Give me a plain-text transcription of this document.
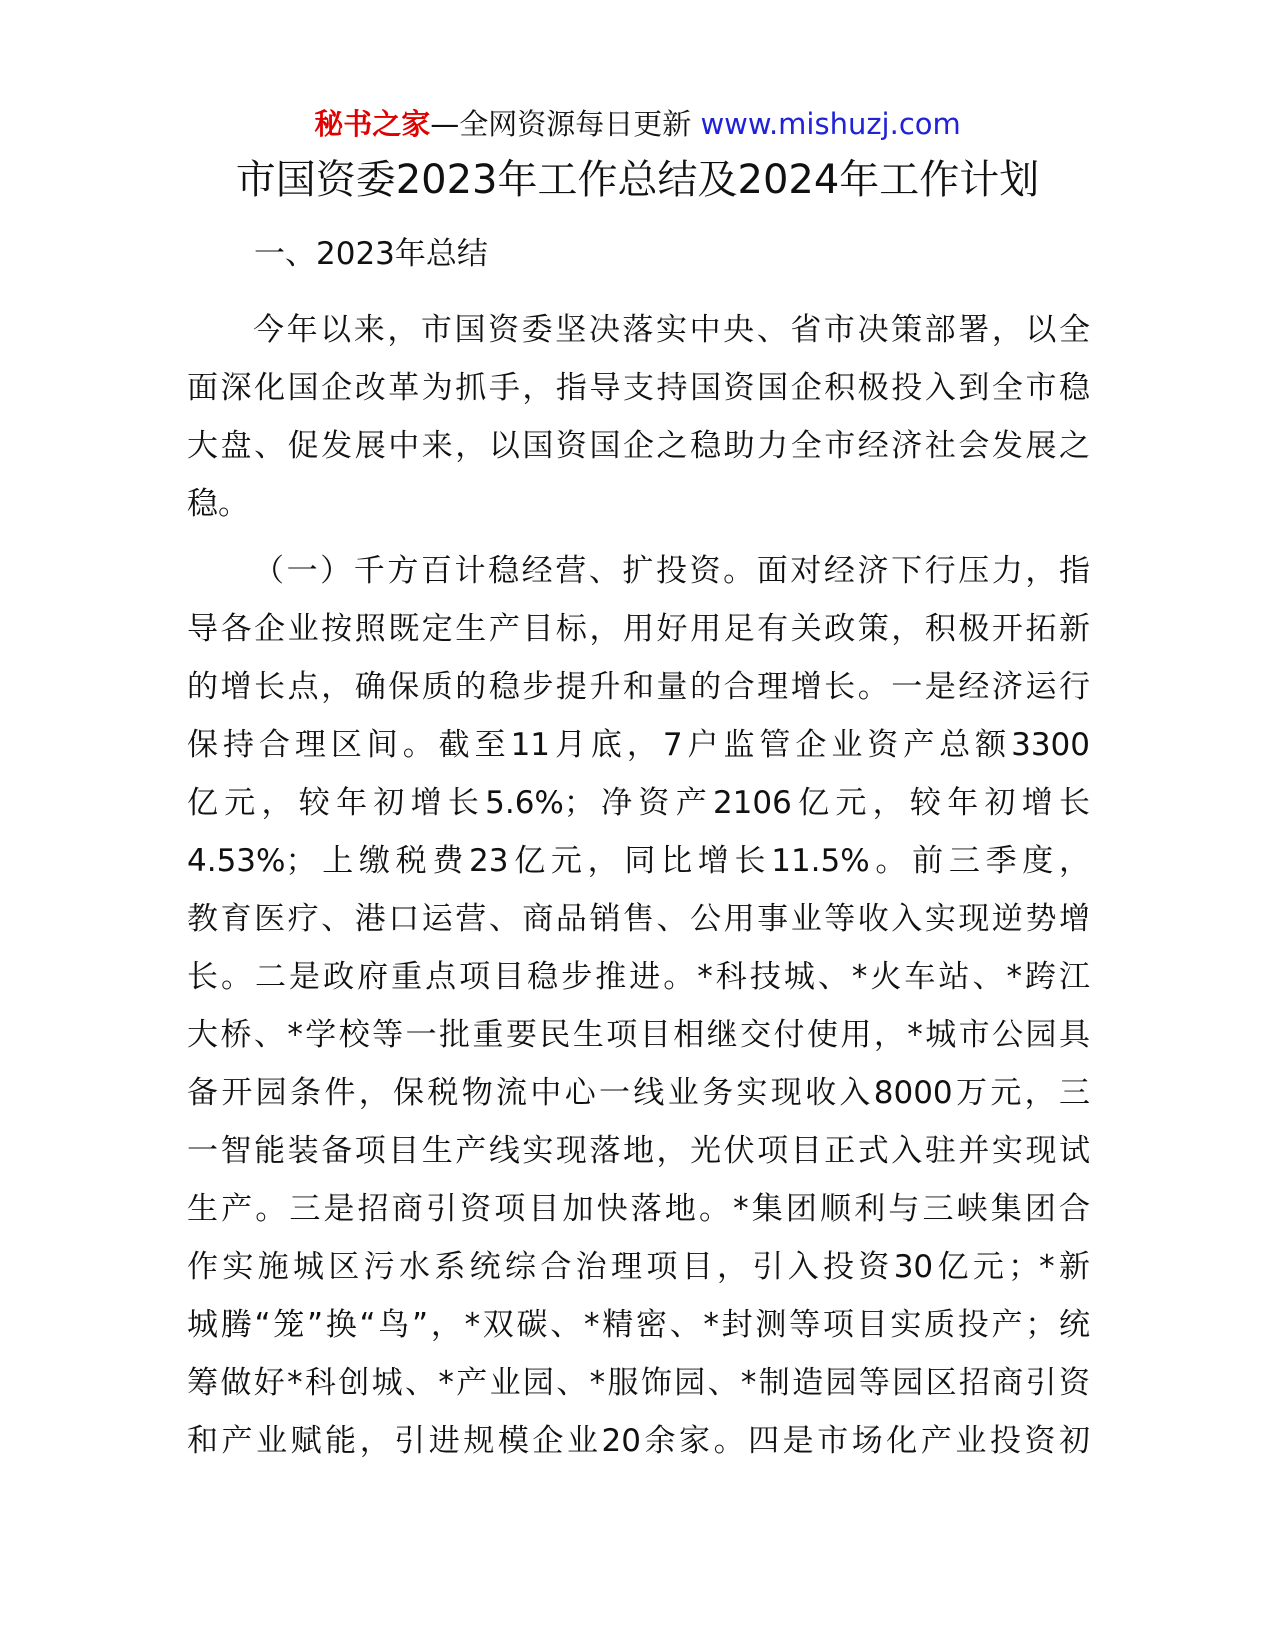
秘书之家—全网资源每日更新 www.mishuzj.com
市国资委2023年工作总结及2024年工作计划
一、2023年总结
今年以来，市国资委坚决落实中央、省市决策部署，以全
面深化国企改革为抓手，指导支持国资国企积极投入到全市稳
大盘、促发展中来，以国资国企之稳助力全市经济社会发展之
稳。
（一）千方百计稳经营、扩投资。面对经济下行压力，指
导各企业按照既定生产目标，用好用足有关政策，积极开拓新
的增长点，确保质的稳步提升和量的合理增长。一是经济运行
保持合理区间。截至11月底，7户监管企业资产总额3300
亿元，较年初增长5.6%；净资产2106亿元，较年初增长
4.53%；上缴税费23亿元，同比增长11.5%。前三季度，
教育医疗、港口运营、商品销售、公用事业等收入实现逆势增
长。二是政府重点项目稳步推进。*科技城、*火车站、*跨江
大桥、*学校等一批重要民生项目相继交付使用，*城市公园具
备开园条件，保税物流中心一线业务实现收入8000万元，三
一智能装备项目生产线实现落地，光伏项目正式入驻并实现试
生产。三是招商引资项目加快落地。*集团顺利与三峡集团合
作实施城区污水系统综合治理项目，引入投资30亿元；*新
城腾“笼”换“鸟”，*双碳、*精密、*封测等项目实质投产；统
筹做好*科创城、*产业园、*服饰园、*制造园等园区招商引资
和产业赋能，引进规模企业20余家。四是市场化产业投资初
